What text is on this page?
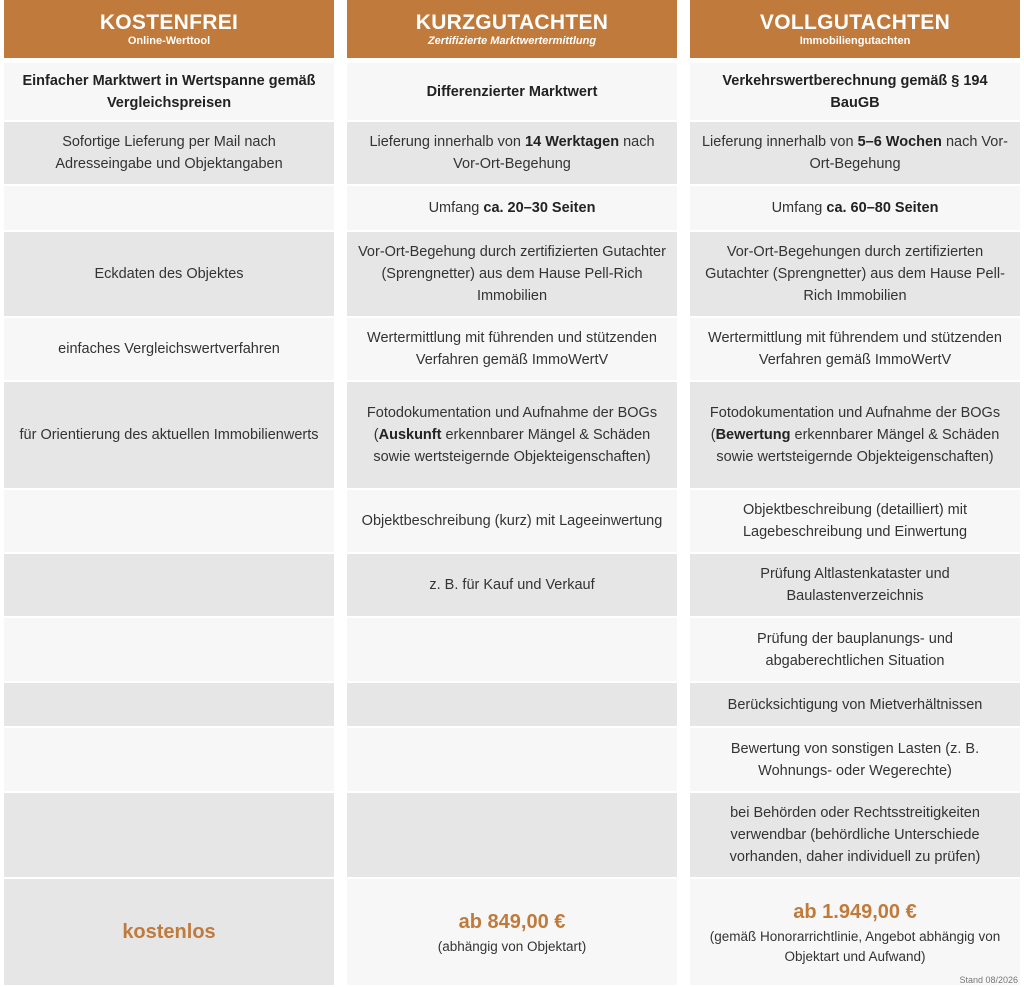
KOSTENFREI
Online-Werttool
Einfacher Marktwert in Wertspanne gemäß Vergleichspreisen
Sofortige Lieferung per Mail nach Adresseingabe und Objektangaben
Eckdaten des Objektes
einfaches Vergleichswertverfahren
für Orientierung des aktuellen Immobilienwerts
kostenlos
KURZGUTACHTEN
Zertifizierte Marktwertermittlung
Differenzierter Marktwert
Lieferung innerhalb von 14 Werktagen nach Vor-Ort-Begehung
Umfang ca. 20–30 Seiten
Vor-Ort-Begehung durch zertifizierten Gutachter (Sprengnetter) aus dem Hause Pell-Rich Immobilien
Wertermittlung mit führenden und stützenden Verfahren gemäß ImmoWertV
Fotodokumentation und Aufnahme der BOGs (Auskunft erkennbarer Mängel & Schäden sowie wertsteigernde Objekteigenschaften)
Objektbeschreibung (kurz) mit Lageeinwertung
z. B. für Kauf und Verkauf
ab 849,00 €
(abhängig von Objektart)
VOLLGUTACHTEN
Immobiliengutachten
Verkehrswertberechnung gemäß § 194 BauGB
Lieferung innerhalb von 5–6 Wochen nach Vor-Ort-Begehung
Umfang ca. 60–80 Seiten
Vor-Ort-Begehungen durch zertifizierten Gutachter (Sprengnetter) aus dem Hause Pell-Rich Immobilien
Wertermittlung mit führendem und stützenden Verfahren gemäß ImmoWertV
Fotodokumentation und Aufnahme der BOGs (Bewertung erkennbarer Mängel & Schäden sowie wertsteigernde Objekteigenschaften)
Objektbeschreibung (detailliert) mit Lagebeschreibung und Einwertung
Prüfung Altlastenkataster und Baulastenverzeichnis
Prüfung der bauplanungs- und abgaberechtlichen Situation
Berücksichtigung von Mietverhältnissen
Bewertung von sonstigen Lasten (z. B. Wohnungs- oder Wegerechte)
bei Behörden oder Rechtsstreitigkeiten verwendbar (behördliche Unterschiede vorhanden, daher individuell zu prüfen)
ab 1.949,00 €
(gemäß Honorarrichtlinie, Angebot abhängig von Objektart und Aufwand)
Stand 08/2026
